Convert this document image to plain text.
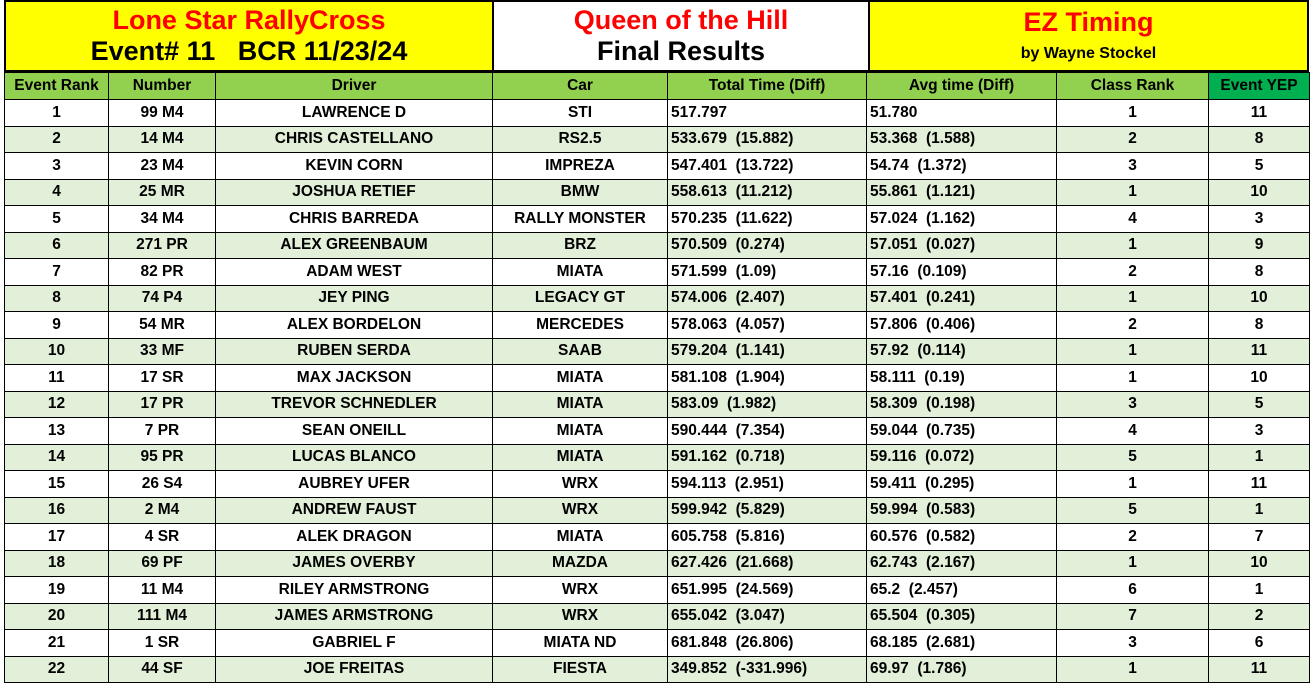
Lone Star RallyCross
Event# 11   BCR 11/23/24
Queen of the Hill
Final Results
EZ Timing
by Wayne Stockel
Event Rank	Number	Driver	Car	Total Time (Diff)	Avg time (Diff)	Class Rank	Event YEP
1	99 M4	LAWRENCE D	STI	517.797	51.780	1	11
2	14 M4	CHRIS CASTELLANO	RS2.5	533.679  (15.882)	53.368  (1.588)	2	8
3	23 M4	KEVIN CORN	IMPREZA	547.401  (13.722)	54.74  (1.372)	3	5
4	25 MR	JOSHUA RETIEF	BMW	558.613  (11.212)	55.861  (1.121)	1	10
5	34 M4	CHRIS BARREDA	RALLY MONSTER	570.235  (11.622)	57.024  (1.162)	4	3
6	271 PR	ALEX GREENBAUM	BRZ	570.509  (0.274)	57.051  (0.027)	1	9
7	82 PR	ADAM WEST	MIATA	571.599  (1.09)	57.16  (0.109)	2	8
8	74 P4	JEY PING	LEGACY GT	574.006  (2.407)	57.401  (0.241)	1	10
9	54 MR	ALEX BORDELON	MERCEDES	578.063  (4.057)	57.806  (0.406)	2	8
10	33 MF	RUBEN SERDA	SAAB	579.204  (1.141)	57.92  (0.114)	1	11
11	17 SR	MAX JACKSON	MIATA	581.108  (1.904)	58.111  (0.19)	1	10
12	17 PR	TREVOR SCHNEDLER	MIATA	583.09  (1.982)	58.309  (0.198)	3	5
13	7 PR	SEAN ONEILL	MIATA	590.444  (7.354)	59.044  (0.735)	4	3
14	95 PR	LUCAS BLANCO	MIATA	591.162  (0.718)	59.116  (0.072)	5	1
15	26 S4	AUBREY UFER	WRX	594.113  (2.951)	59.411  (0.295)	1	11
16	2 M4	ANDREW FAUST	WRX	599.942  (5.829)	59.994  (0.583)	5	1
17	4 SR	ALEK DRAGON	MIATA	605.758  (5.816)	60.576  (0.582)	2	7
18	69 PF	JAMES OVERBY	MAZDA	627.426  (21.668)	62.743  (2.167)	1	10
19	11 M4	RILEY ARMSTRONG	WRX	651.995  (24.569)	65.2  (2.457)	6	1
20	111 M4	JAMES ARMSTRONG	WRX	655.042  (3.047)	65.504  (0.305)	7	2
21	1 SR	GABRIEL F	MIATA ND	681.848  (26.806)	68.185  (2.681)	3	6
22	44 SF	JOE FREITAS	FIESTA	349.852  (-331.996)	69.97  (1.786)	1	11
